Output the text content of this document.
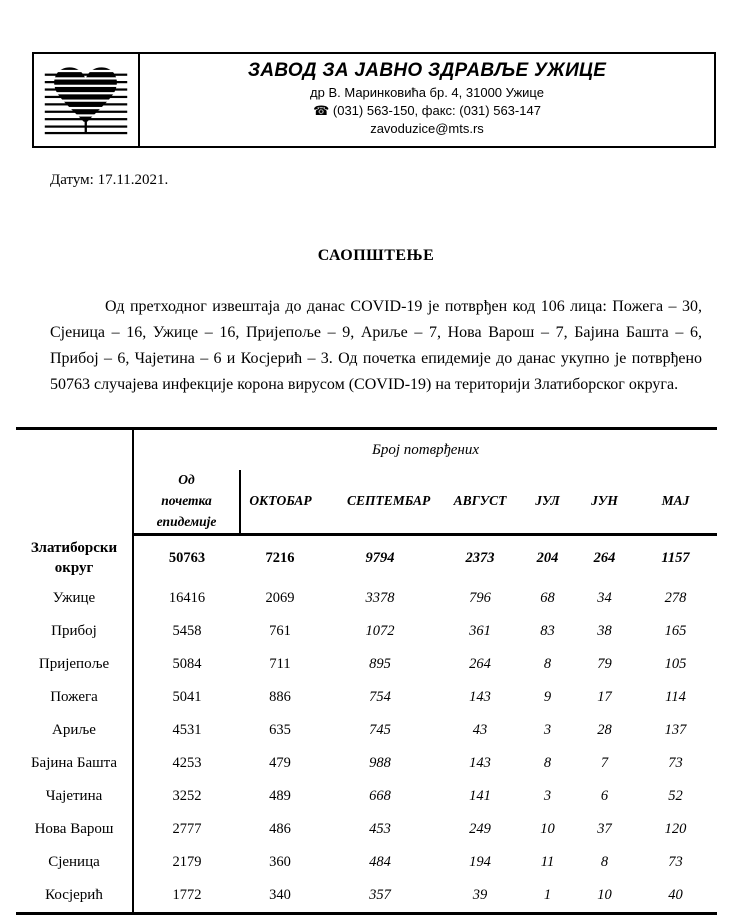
ЗАВОД ЗА ЈАВНО ЗДРАВЉЕ УЖИЦЕ
др В. Маринковића бр. 4, 31000 Ужице
☎ (031) 563-150, факс: (031) 563-147
zavoduzice@mts.rs
Датум: 17.11.2021.
САОПШТЕЊЕ

Од претходног извештаја до данас COVID-19 је потврђен код 106 лица: Пожега – 30, Сјеница – 16, Ужице – 16, Пријепоље – 9, Ариље – 7, Нова Варош – 7, Бајина Башта – 6, Прибој – 6, Чајетина – 6 и Косјерић – 3. Од почетка епидемије до данас укупно је потврђено 50763 случајева инфекције корона вирусом (COVID-19) на територији Златиборског округа.

	Број потврђених						
	Од почетка епидемије	ОКТОБАР	СЕПТЕМБАР	АВГУСТ	ЈУЛ	ЈУН	МАЈ
Златиборски округ	50763	7216	9794	2373	204	264	1157
Ужице	16416	2069	3378	796	68	34	278
Прибој	5458	761	1072	361	83	38	165
Пријепоље	5084	711	895	264	8	79	105
Пожега	5041	886	754	143	9	17	114
Ариље	4531	635	745	43	3	28	137
Бајина Башта	4253	479	988	143	8	7	73
Чајетина	3252	489	668	141	3	6	52
Нова Варош	2777	486	453	249	10	37	120
Сјеница	2179	360	484	194	11	8	73
Косјерић	1772	340	357	39	1	10	40
